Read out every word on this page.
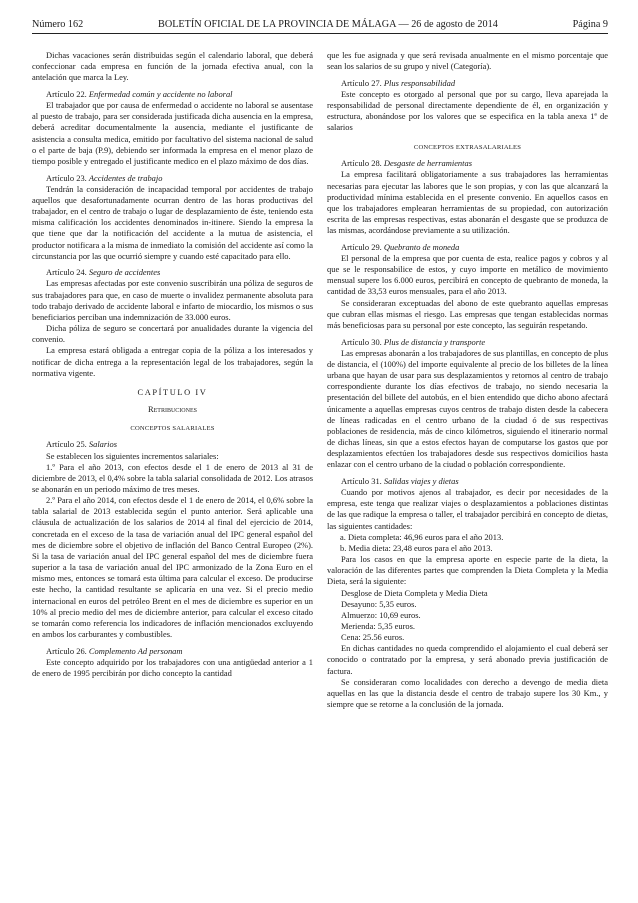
Número 162	BOLETÍN OFICIAL DE LA PROVINCIA DE MÁLAGA — 26 de agosto de 2014	Página 9

Dichas vacaciones serán distribuidas según el calendario laboral, que deberá confeccionar cada empresa en función de la jornada efectiva anual, con la antelación que marca la Ley.

Artículo 22. Enfermedad común y accidente no laboral

El trabajador que por causa de enfermedad o accidente no laboral se ausentase al puesto de trabajo, para ser considerada justificada dicha ausencia en la empresa, deberá acreditar documentalmente la ausencia, mediante el justificante de asistencia a consulta medica, emitido por facultativo del sistema nacional de salud o el parte de baja (P.9), debiendo ser informada la empresa en el menor plazo de tiempo posible y entregado el justificante medico en el plazo máximo de dos días.

Artículo 23. Accidentes de trabajo

Tendrán la consideración de incapacidad temporal por accidentes de trabajo aquellos que desafortunadamente ocurran dentro de las horas productivas del trabajador, en el centro de trabajo o lugar de desplazamiento de éste, teniendo esta misma calificación los accidentes denominados in-itinere. Siendo la empresa la que tiene que dar la notificación del accidente a la mutua de asistencia, el productor notificara a la misma de inmediato la comisión del accidente así como la circunstancia por las que ocurrió siempre y cuando esté capacitado para ello.

Artículo 24. Seguro de accidentes

Las empresas afectadas por este convenio suscribirán una póliza de seguros de sus trabajadores para que, en caso de muerte o invalidez permanente absoluta para todo trabajo derivado de accidente laboral e infarto de miocardio, los mismos o sus beneficiarios perciban una indemnización de 33.000 euros.

Dicha póliza de seguro se concertará por anualidades durante la vigencia del convenio.

La empresa estará obligada a entregar copia de la póliza a los interesados y notificar de dicha entrega a la representación legal de los trabajadores, según la normativa vigente.

CAPÍTULO IV

Retribuciones

CONCEPTOS SALARIALES

Artículo 25. Salarios

Se establecen los siguientes incrementos salariales:

1.º Para el año 2013, con efectos desde el 1 de enero de 2013 al 31 de diciembre de 2013, el 0,4% sobre la tabla salarial consolidada de 2012. Los atrasos se abonarán en un periodo máximo de tres meses.

2.º Para el año 2014, con efectos desde el 1 de enero de 2014, el 0,6% sobre la tabla salarial de 2013 establecida según el punto anterior. Será aplicable una cláusula de actualización de los salarios de 2014 al final del ejercicio de 2014, concretada en el exceso de la tasa de variación anual del IPC general español del mes de diciembre sobre el objetivo de inflación del Banco Central Europeo (2%). Si la tasa de variación anual del IPC general español del mes de diciembre fuera superior a la tasa de variación anual del IPC armonizado de la Zona Euro en el mismo mes, entonces se tomará esta última para calcular el exceso. De producirse este hecho, la cantidad resultante se aplicaría en una vez. Si el precio medio internacional en euros del petróleo Brent en el mes de diciembre es superior en un 10% al precio medio del mes de diciembre anterior, para calcular el exceso citado se tomarán como referencia los indicadores de inflación mencionados excluyendo en ambos los carburantes y combustibles.

Artículo 26. Complemento Ad personam

Este concepto adquirido por los trabajadores con una antigüedad anterior a 1 de enero de 1995 percibirán por dicho concepto la cantidad

que les fue asignada y que será revisada anualmente en el mismo porcentaje que sean los salarios de su grupo y nivel (Categoría).

Artículo 27. Plus responsabilidad

Este concepto es otorgado al personal que por su cargo, lleva aparejada la responsabilidad de personal directamente dependiente de él, en organización y estructura, abonándose por los valores que se especifica en la tabla anexa 1ª de salarios

CONCEPTOS EXTRASALARIALES

Artículo 28. Desgaste de herramientas

La empresa facilitará obligatoriamente a sus trabajadores las herramientas necesarias para ejecutar las labores que le son propias, y con las que alcanzará la productividad mínima establecida en el presente convenio. En aquellos casos en que los trabajadores emplearan herramientas de su propiedad, con autorización escrita de las empresas respectivas, estas abonarán el desgaste que se produzca de las mismas, acordándose previamente a su utilización.

Artículo 29. Quebranto de moneda

El personal de la empresa que por cuenta de esta, realice pagos y cobros y al que se le responsabilice de estos, y cuyo importe en metálico de movimiento mensual supere los 6.000 euros, percibirá en concepto de quebranto de moneda, la cantidad de 33,53 euros mensuales, para el año 2013.

Se consideraran exceptuadas del abono de este quebranto aquellas empresas que cubran ellas mismas el riesgo. Las empresas que tengan establecidas normas más beneficiosas para su personal por este concepto, las seguirán respetando.

Artículo 30. Plus de distancia y transporte

Las empresas abonarán a los trabajadores de sus plantillas, en concepto de plus de distancia, el (100%) del importe equivalente al precio de los billetes de la línea urbana que hayan de usar para sus desplazamientos y retornos al centro de trabajo correspondiente durante los días efectivos de trabajo, no siendo necesaria la presentación del billete del autobús, en el bien entendido que dicho abono afectará únicamente a aquellas empresas cuyos centros de trabajo disten desde la cabecera de líneas radicadas en el centro urbano de la ciudad ó de sus respectivas poblaciones de residencia, más de cinco kilómetros, siguiendo el itinerario normal de dichas líneas, sin que a estos efectos hayan de computarse los gastos que por desplazamientos efectúen los trabajadores desde sus respectivos domicilios hasta enlazar con el centro urbano de la ciudad o población correspondiente.

Artículo 31. Salidas viajes y dietas

Cuando por motivos ajenos al trabajador, es decir por necesidades de la empresa, este tenga que realizar viajes o desplazamientos a poblaciones distintas de las que radique la empresa o taller, el trabajador percibirá en concepto de dietas, las siguientes cantidades:

a. Dieta completa: 46,96 euros para el año 2013.

b. Media dieta: 23,48 euros para el año 2013.

Para los casos en que la empresa aporte en especie parte de la dieta, la valoración de las diferentes partes que comprenden la Dieta Completa y la Media Dieta, será la siguiente:

Desglose de Dieta Completa y Media Dieta

Desayuno: 5,35 euros.

Almuerzo: 10,69 euros.

Merienda: 5,35 euros.

Cena: 25.56 euros.

En dichas cantidades no queda comprendido el alojamiento el cual deberá ser conocido o contratado por la empresa, y será abonado previa justificación de factura.

Se consideraran como localidades con derecho a devengo de media dieta aquellas en las que la distancia desde el centro de trabajo supere los 30 Km., y siempre que se retorne a la conclusión de la jornada.
